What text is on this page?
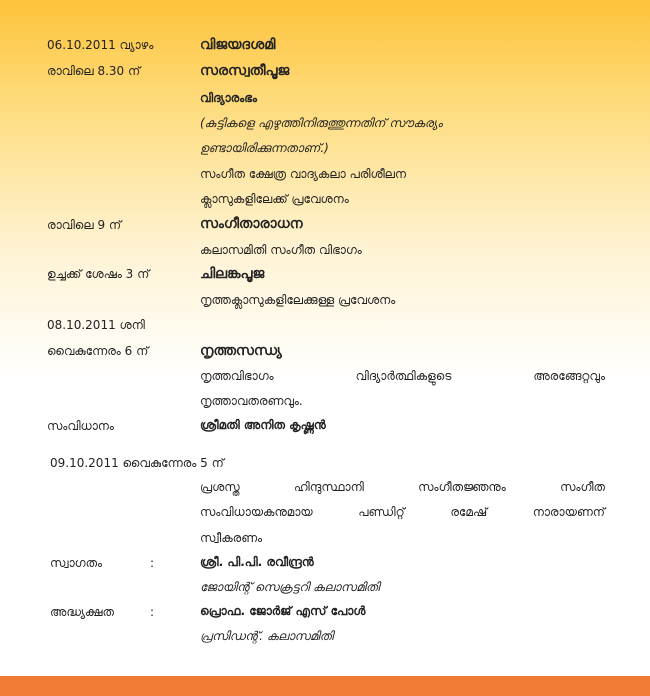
06.10.2011 വ്യാഴം	വിജയദശമി
രാവിലെ 8.30 ന്	സരസ്വതീപൂജ
വിദ്യാരംഭം
(കുട്ടികളെ എഴുത്തിനിരുത്തുന്നതിന് സൗകര്യം
ഉണ്ടായിരിക്കുന്നതാണ്.)
സംഗീത ക്ഷേത്ര വാദ്യകലാ പരിശീലന
ക്ലാസുകളിലേക്ക് പ്രവേശനം
രാവിലെ 9 ന്	സംഗീതാരാധന
കലാസമിതി സംഗീത വിഭാഗം
ഉച്ചക്ക് ശേഷം 3 ന്	ചിലങ്കപൂജ
നൃത്തക്ലാസുകളിലേക്കുള്ള പ്രവേശനം
08.10.2011 ശനി
വൈകുന്നേരം 6 ന്	നൃത്തസന്ധ്യ
നൃത്തവിഭാഗം വിദ്യാർത്ഥികളുടെ അരങ്ങേറ്റവും
നൃത്താവതരണവും.
സംവിധാനം	ശ്രീമതി അനിത കൃഷ്ണൻ
09.10.2011 വൈകുന്നേരം 5 ന്
പ്രശസ്ത ഹിന്ദുസ്ഥാനി സംഗീതജ്ഞനും സംഗീത
സംവിധായകനുമായ പണ്ഡിറ്റ് രമേഷ് നാരായണന്
സ്വീകരണം
സ്വാഗതം	:	ശ്രീ. പി.പി. രവീന്ദ്രൻ
ജോയിന്റ് സെക്രട്ടറി കലാസമിതി
അദ്ധ്യക്ഷത	:	പ്രൊഫ. ജോർജ് എസ് പോൾ
പ്രസിഡന്റ്. കലാസമിതി
